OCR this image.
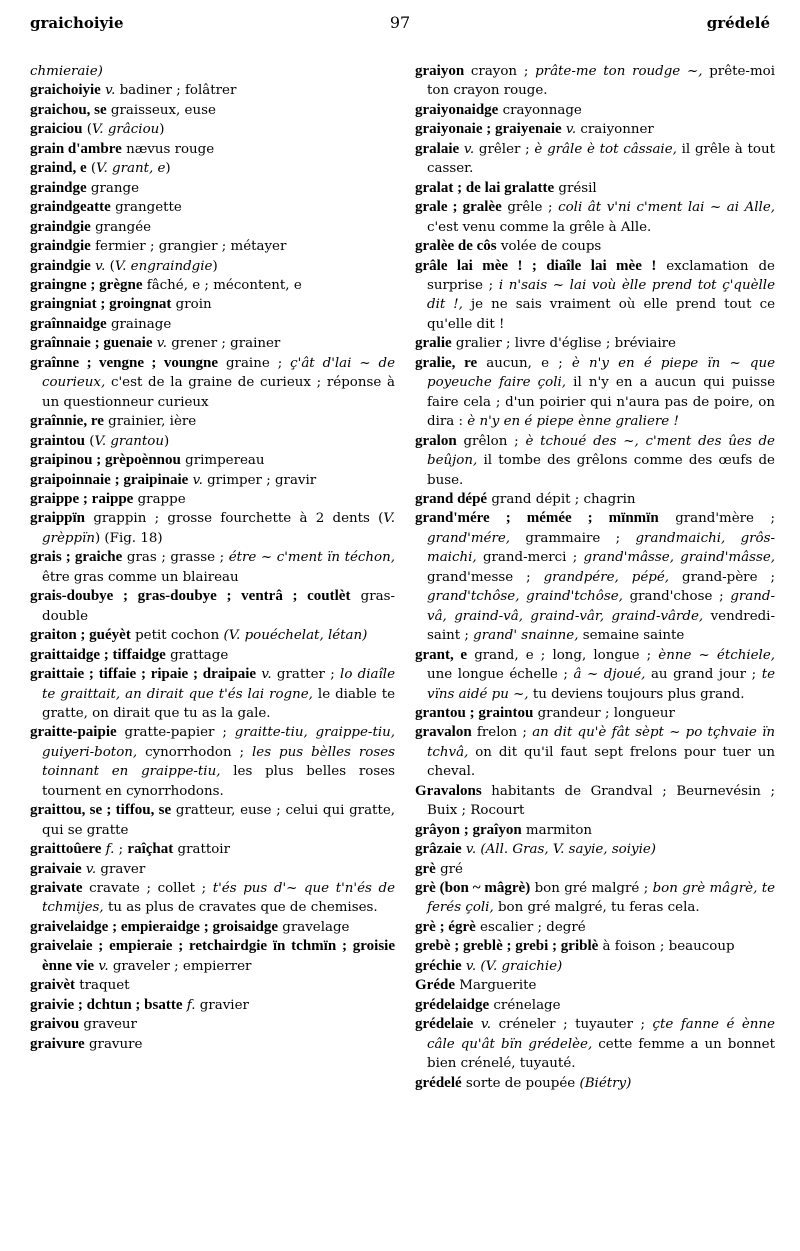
graichoiyie	97	grédelé

chmieraie)

graichoiyie v. badiner ; folâtrer

graichou, se graisseux, euse

graiciou (V. grâciou)

grain d'ambre nævus rouge

graind, e (V. grant, e)

graindge grange

graindgeatte grangette

graindgie grangée

graindgie fermier ; grangier ; métayer

graindgie v. (V. engraindgie)

graingne ; grègne fâché, e ; mécontent, e

graingniat ; groingnat groin

graînnaidge grainage

graînnaie ; guenaie v. grener ; grainer

graînne ; vengne ; voungne graine ; ç'ât d'lai ~ de courieux, c'est de la graine de curieux ; réponse à un questionneur curieux

graînnie, re grainier, ière

graintou (V. grantou)

graipinou ; grèpoènnou grimpereau

graipoinnaie ; graipinaie v. grimper ; gravir

graippe ; raippe grappe

graippïn grappin ; grosse fourchette à 2 dents (V. grèppïn) (Fig. 18)

grais ; graiche gras ; grasse ; étre ~ c'ment ïn téchon, être gras comme un blaireau

grais-doubye ; gras-doubye ; ventrâ ; coutlèt gras-double

graiton ; guéyèt petit cochon (V. pouéchelat, létan)

graittaidge ; tiffaidge grattage

graittaie ; tiffaie ; ripaie ; draipaie v. gratter ; lo diaîle te graittait, an dirait que t'és lai rogne, le diable te gratte, on dirait que tu as la gale.

graitte-paipie gratte-papier ; graitte-tiu, graippe-tiu, guiyeri-boton, cynorrhodon ; les pus bèlles roses toinnant en graippe-tiu, les plus belles roses tournent en cynorrhodons.

graittou, se ; tiffou, se gratteur, euse ; celui qui gratte, qui se gratte

graittoûere f. ; raîçhat grattoir

graivaie v. graver

graivate cravate ; collet ; t'és pus d'~ que t'n'és de tchmijes, tu as plus de cravates que de chemises.

graivelaidge ; empieraidge ; groisaidge gravelage

graivelaie ; empieraie ; retchairdgie ïn tchmïn ; groisie ènne vie v. graveler ; empierrer

graivèt traquet

graivie ; dchtun ; bsatte f. gravier

graivou graveur

graivure gravure

graiyon crayon ; prâte-me ton roudge ~, prête-moi ton crayon rouge.

graiyonaidge crayonnage

graiyonaie ; graiyenaie v. craiyonner

gralaie v. grêler ; è grâle è tot câssaie, il grêle à tout casser.

gralat ; de lai gralatte grésil

grale ; gralèe grêle ; coli ât v'ni c'ment lai ~ ai Alle, c'est venu comme la grêle à Alle.

gralèe de côs volée de coups

grâle lai mèe ! ; diaîle lai mèe ! exclamation de surprise ; i n'sais ~ lai voù èlle prend tot ç'quèlle dit !, je ne sais vraiment où elle prend tout ce qu'elle dit !

gralie gralier ; livre d'église ; bréviaire

gralie, re aucun, e ; è n'y en é piepe ïn ~ que poyeuche faire çoli, il n'y en a aucun qui puisse faire cela ; d'un poirier qui n'aura pas de poire, on dira : è n'y en é piepe ènne graliere !

gralon grêlon ; è tchoué des ~, c'ment des ûes de beûjon, il tombe des grêlons comme des œufs de buse.

grand dépé grand dépit ; chagrin

grand'mére ; mémée ; mïnmïn grand'mère ; grand'mére, grammaire ; grandmaichi, grôs-maichi, grand-merci ; grand'mâsse, graind'mâsse, grand'messe ; grandpére, pépé, grand-père ; grand'tchôse, graind'tchôse, grand'chose ; grand-vâ, graind-vâ, graind-vâr, graind-vârde, vendredi-saint ; grand' snainne, semaine sainte

grant, e grand, e ; long, longue ; ènne ~ étchiele, une longue échelle ; â ~ djoué, au grand jour ; te vïns aidé pu ~, tu deviens toujours plus grand.

grantou ; graintou grandeur ; longueur

gravalon frelon ; an dit qu'è fât sèpt ~ po tçhvaie ïn tchvâ, on dit qu'il faut sept frelons pour tuer un cheval.

Gravalons habitants de Grandval ; Beurnevésin ; Buix ; Rocourt

grâyon ; graîyon marmiton

grâzaie v. (All. Gras, V. sayie, soiyie)

grè gré

grè (bon ~ mâgrè) bon gré malgré ; bon grè mâgrè, te ferés çoli, bon gré malgré, tu feras cela.

grè ; égrè escalier ; degré

grebè ; greblè ; grebi ; griblè à foison ; beaucoup

gréchie v. (V. graichie)

Gréde Marguerite

grédelaidge crénelage

grédelaie v. créneler ; tuyauter ; çte fanne é ènne câle qu'ât bïn grédelèe, cette femme a un bonnet bien crénelé, tuyauté.

grédelé sorte de poupée (Biétry)
